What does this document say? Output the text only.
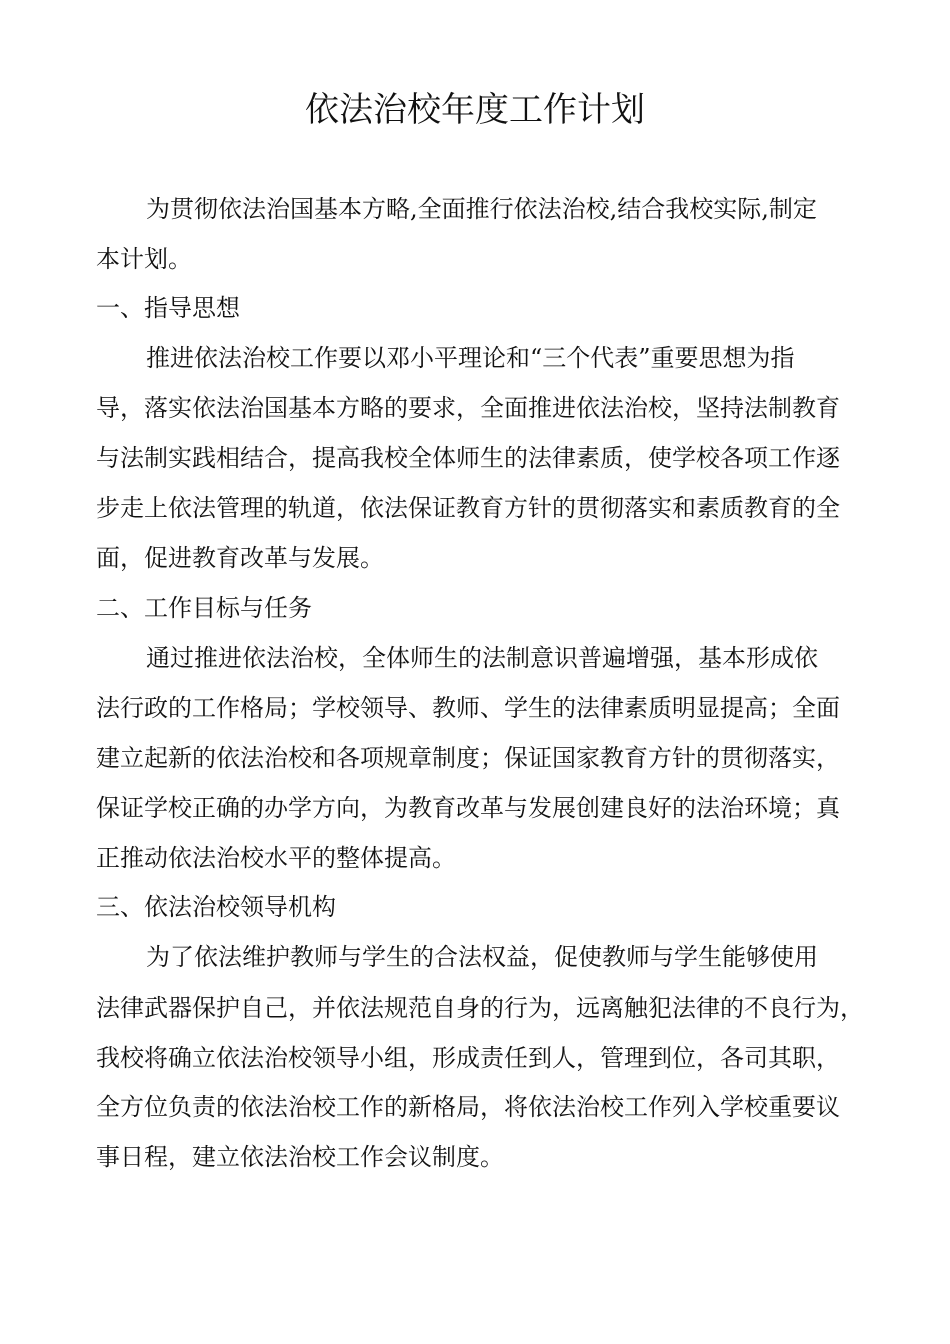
依法治校年度工作计划
为贯彻依法治国基本方略,全面推行依法治校,结合我校实际,制定
本计划。
一、指导思想
推进依法治校工作要以邓小平理论和“三个代表”重要思想为指
导，落实依法治国基本方略的要求，全面推进依法治校，坚持法制教育
与法制实践相结合，提高我校全体师生的法律素质，使学校各项工作逐
步走上依法管理的轨道，依法保证教育方针的贯彻落实和素质教育的全
面，促进教育改革与发展。
二、工作目标与任务
通过推进依法治校，全体师生的法制意识普遍增强，基本形成依
法行政的工作格局；学校领导、教师、学生的法律素质明显提高；全面
建立起新的依法治校和各项规章制度；保证国家教育方针的贯彻落实，
保证学校正确的办学方向，为教育改革与发展创建良好的法治环境；真
正推动依法治校水平的整体提高。
三、依法治校领导机构
为了依法维护教师与学生的合法权益，促使教师与学生能够使用
法律武器保护自己，并依法规范自身的行为，远离触犯法律的不良行为，
我校将确立依法治校领导小组，形成责任到人，管理到位，各司其职，
全方位负责的依法治校工作的新格局，将依法治校工作列入学校重要议
事日程，建立依法治校工作会议制度。
